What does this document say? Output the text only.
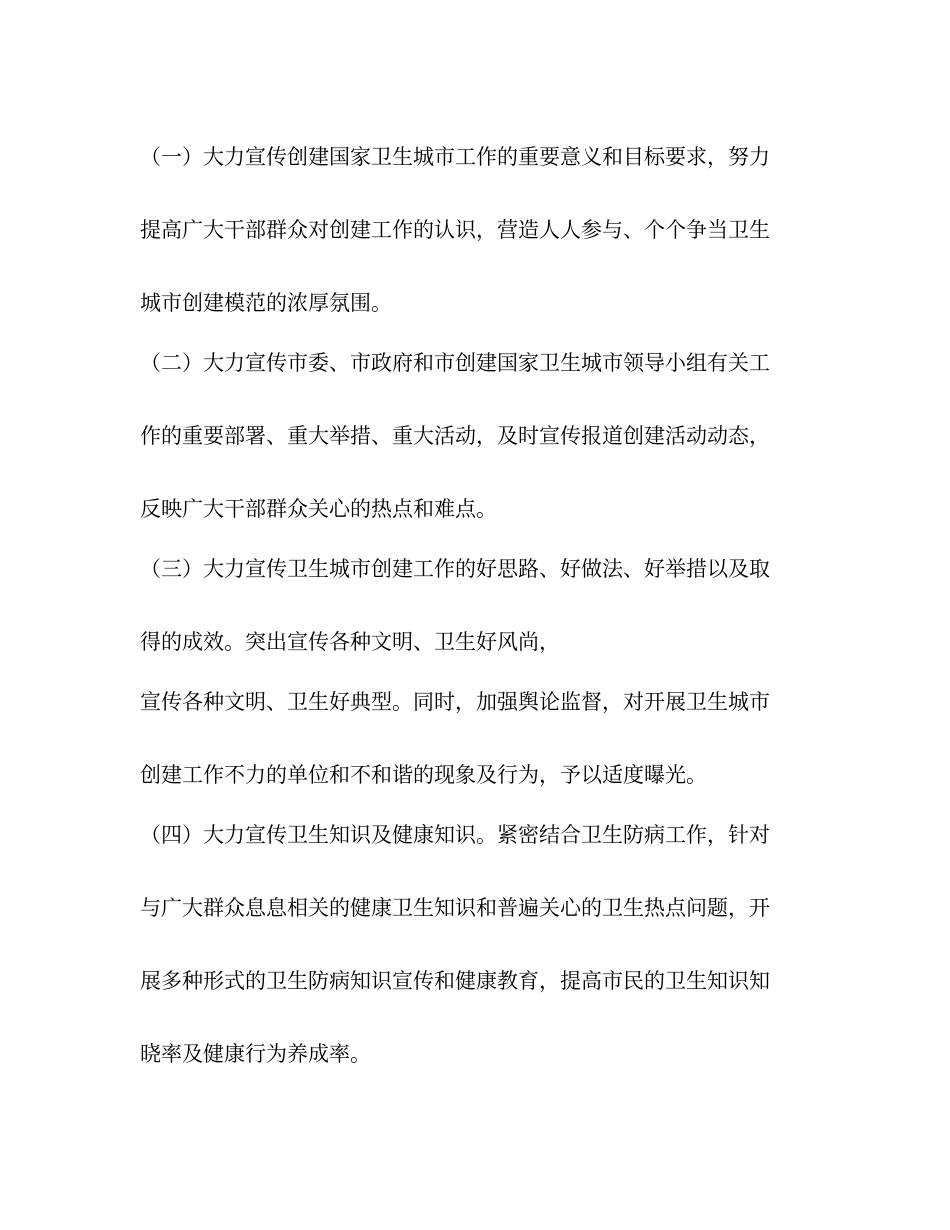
（一）大力宣传创建国家卫生城市工作的重要意义和目标要求，努力
提高广大干部群众对创建工作的认识，营造人人参与、个个争当卫生
城市创建模范的浓厚氛围。
（二）大力宣传市委、市政府和市创建国家卫生城市领导小组有关工
作的重要部署、重大举措、重大活动，及时宣传报道创建活动动态，
反映广大干部群众关心的热点和难点。
（三）大力宣传卫生城市创建工作的好思路、好做法、好举措以及取
得的成效。突出宣传各种文明、卫生好风尚，
宣传各种文明、卫生好典型。同时，加强舆论监督，对开展卫生城市
创建工作不力的单位和不和谐的现象及行为，予以适度曝光。
（四）大力宣传卫生知识及健康知识。紧密结合卫生防病工作，针对
与广大群众息息相关的健康卫生知识和普遍关心的卫生热点问题，开
展多种形式的卫生防病知识宣传和健康教育，提高市民的卫生知识知
晓率及健康行为养成率。
